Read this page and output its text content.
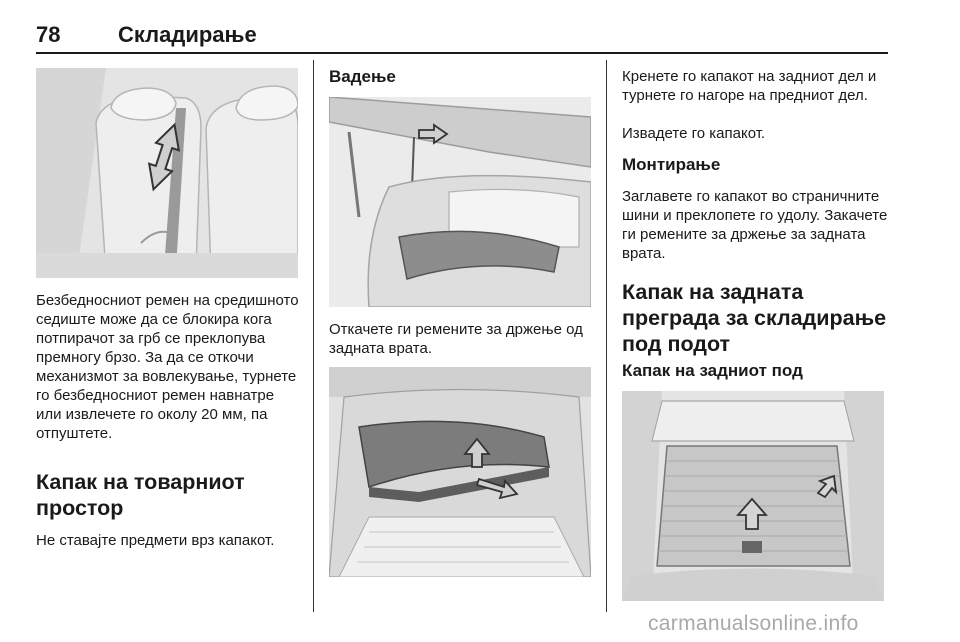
78	Складирање
Безбедносниот ремен на средишното седиште може да се блокира кога потпирачот за грб се преклопува премногу брзо. За да се откочи механизмот за вовлекување, турнете го безбедносниот ремен навнатре или извлечете го околу 20 мм, па отпуштете.
Капак на товарниот простор
Не ставајте предмети врз капакот.
Вадење
Откачете ги ремените за држење од задната врата.
Кренете го капакот на задниот дел и турнете го нагоре на предниот дел.
Извадете го капакот.
Монтирање
Заглавете го капакот во страничните шини и преклопете го удолу. Закачете ги ремените за држење за задната врата.
Капак на задната преграда за складирање под подот
Капак на задниот под
carmanualsonline.info
